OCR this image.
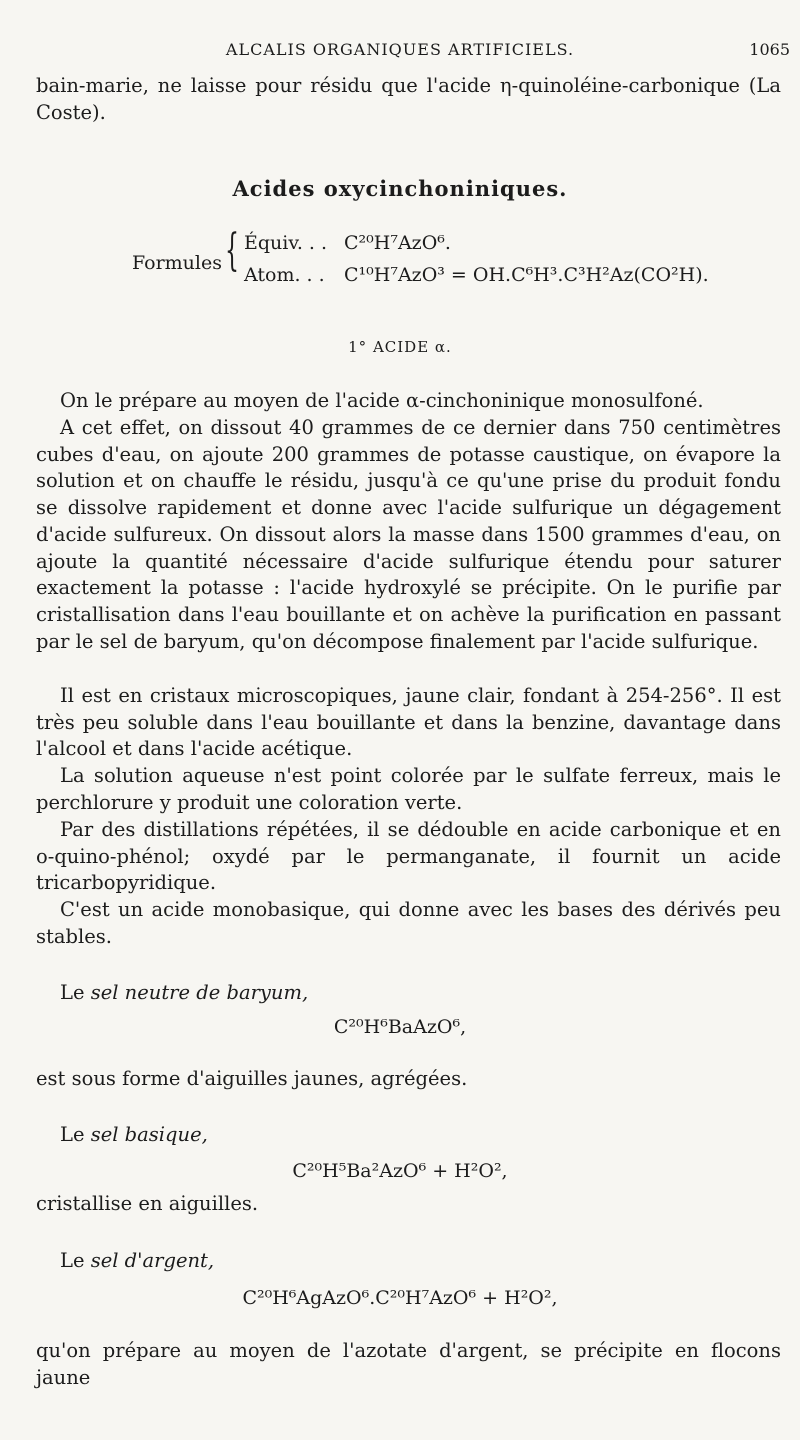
ALCALIS ORGANIQUES ARTIFICIELS.	1065

bain-marie, ne laisse pour résidu que l'acide η-quinoléine-carbonique (La Coste).

Acides oxycinchoniniques.
Formules { Équiv. . . C²⁰H⁷AzO⁶.
Atom. . . C¹⁰H⁷AzO³ = OH.C⁶H³.C³H²Az(CO²H).
1° ACIDE α.

On le prépare au moyen de l'acide α-cinchoninique monosulfoné.

A cet effet, on dissout 40 grammes de ce dernier dans 750 centimètres cubes d'eau, on ajoute 200 grammes de potasse caustique, on évapore la solution et on chauffe le résidu, jusqu'à ce qu'une prise du produit fondu se dissolve rapidement et donne avec l'acide sulfurique un dégagement d'acide sulfureux. On dissout alors la masse dans 1500 grammes d'eau, on ajoute la quantité nécessaire d'acide sulfurique étendu pour saturer exactement la potasse : l'acide hydroxylé se précipite. On le purifie par cristallisation dans l'eau bouillante et on achève la purification en passant par le sel de baryum, qu'on décompose finalement par l'acide sulfurique.

Il est en cristaux microscopiques, jaune clair, fondant à 254-256°. Il est très peu soluble dans l'eau bouillante et dans la benzine, davantage dans l'alcool et dans l'acide acétique.

La solution aqueuse n'est point colorée par le sulfate ferreux, mais le perchlorure y produit une coloration verte.

Par des distillations répétées, il se dédouble en acide carbonique et en o-quino-phénol; oxydé par le permanganate, il fournit un acide tricarbopyridique.

C'est un acide monobasique, qui donne avec les bases des dérivés peu stables.

Le sel neutre de baryum,

C²⁰H⁶BaAzO⁶,

est sous forme d'aiguilles jaunes, agrégées.

Le sel basique,

C²⁰H⁵Ba²AzO⁶ + H²O²,

cristallise en aiguilles.

Le sel d'argent,

C²⁰H⁶AgAzO⁶.C²⁰H⁷AzO⁶ + H²O²,

qu'on prépare au moyen de l'azotate d'argent, se précipite en flocons jaune
